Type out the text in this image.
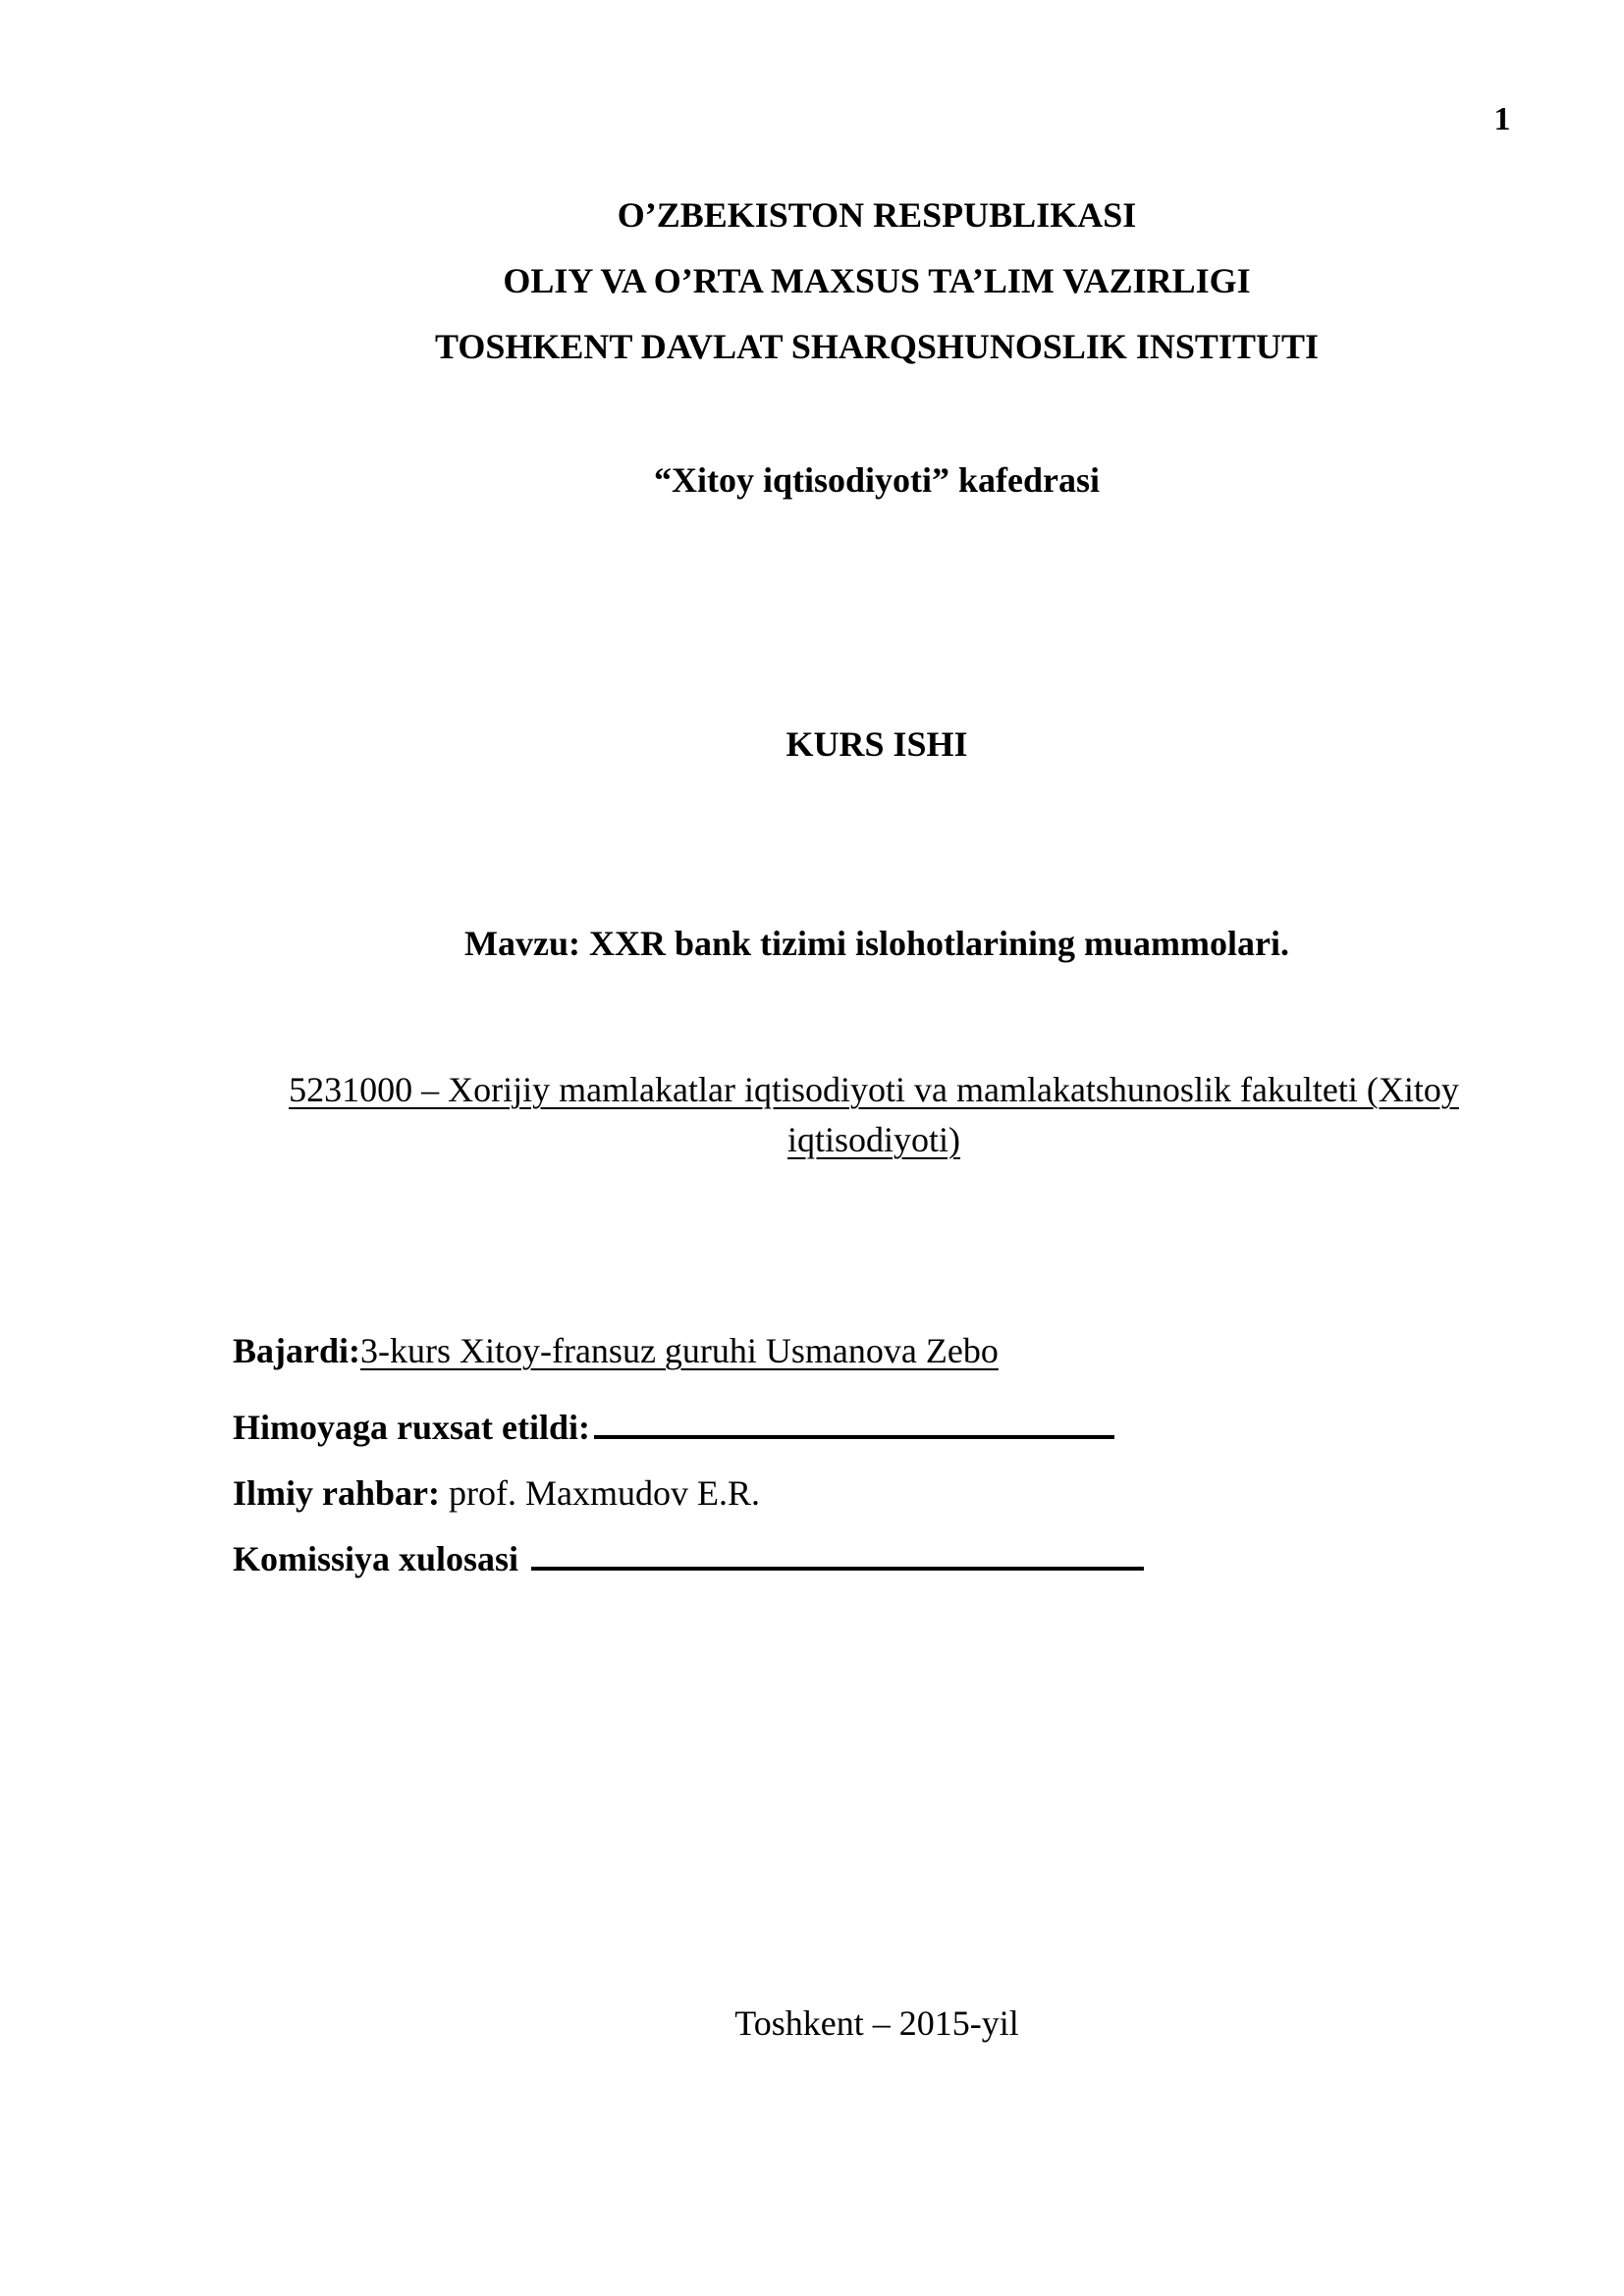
1
O’ZBEKISTON RESPUBLIKASI
OLIY VA O’RTA MAXSUS TA’LIM VAZIRLIGI
TOSHKENT DAVLAT SHARQSHUNOSLIK INSTITUTI
“Xitoy iqtisodiyoti” kafedrasi
KURS ISHI
Mavzu: XXR bank tizimi islohotlarining muammolari.
5231000 – Xorijiy mamlakatlar iqtisodiyoti va mamlakatshunoslik fakulteti (Xitoy iqtisodiyoti)
Bajardi:3-kurs Xitoy-fransuz guruhi Usmanova Zebo
Himoyaga ruxsat etildi:
Ilmiy rahbar: prof. Maxmudov E.R.
Komissiya xulosasi
Toshkent – 2015-yil
